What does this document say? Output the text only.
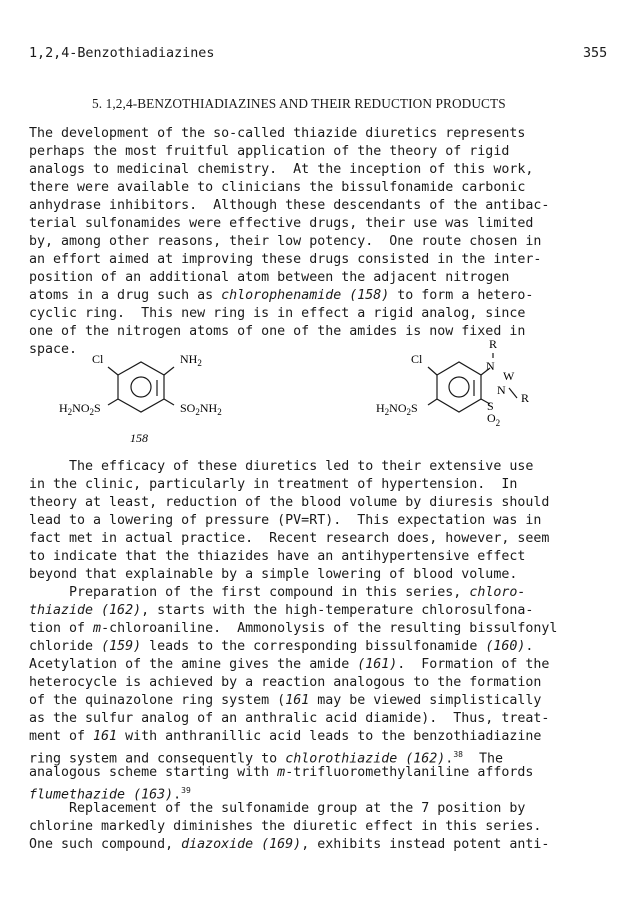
1,2,4-Benzothiadiazines	355
5. 1,2,4-BENZOTHIADIAZINES AND THEIR REDUCTION PRODUCTS
The development of the so-called thiazide diuretics represents
perhaps the most fruitful application of the theory of rigid
analogs to medicinal chemistry.  At the inception of this work,
there were available to clinicians the bissulfonamide carbonic
anhydrase inhibitors.  Although these descendants of the antibac-
terial sulfonamides were effective drugs, their use was limited
by, among other reasons, their low potency.  One route chosen in
an effort aimed at improving these drugs consisted in the inter-
position of an additional atom between the adjacent nitrogen
atoms in a drug such as chlorophenamide (158) to form a hetero-
cyclic ring.  This new ring is in effect a rigid analog, since
one of the nitrogen atoms of one of the amides is now fixed in
space.
Cl	$NH_2$
$H_2NO_2S$	$SO_2NH_2$
158
R
Cl	N
W
N
R
S
$O_2$
$H_2NO_2S$
The efficacy of these diuretics led to their extensive use
in the clinic, particularly in treatment of hypertension.  In
theory at least, reduction of the blood volume by diuresis should
lead to a lowering of pressure (PV=RT).  This expectation was in
fact met in actual practice.  Recent research does, however, seem
to indicate that the thiazides have an antihypertensive effect
beyond that explainable by a simple lowering of blood volume.
Preparation of the first compound in this series, chloro-
thiazide (162), starts with the high-temperature chlorosulfona-
tion of m-chloroaniline.  Ammonolysis of the resulting bissulfonyl
chloride (159) leads to the corresponding bissulfonamide (160).
Acetylation of the amine gives the amide (161).  Formation of the
heterocycle is achieved by a reaction analogous to the formation
of the quinazolone ring system (161 may be viewed simplistically
as the sulfur analog of an anthralic acid diamide).  Thus, treat-
ment of 161 with anthranillic acid leads to the benzothiadiazine
ring system and consequently to chlorothiazide (162).$^{38}$  The
analogous scheme starting with m-trifluoromethylaniline affords
flumethazide (163).$^{39}$
Replacement of the sulfonamide group at the 7 position by
chlorine markedly diminishes the diuretic effect in this series.
One such compound, diazoxide (169), exhibits instead potent anti-
